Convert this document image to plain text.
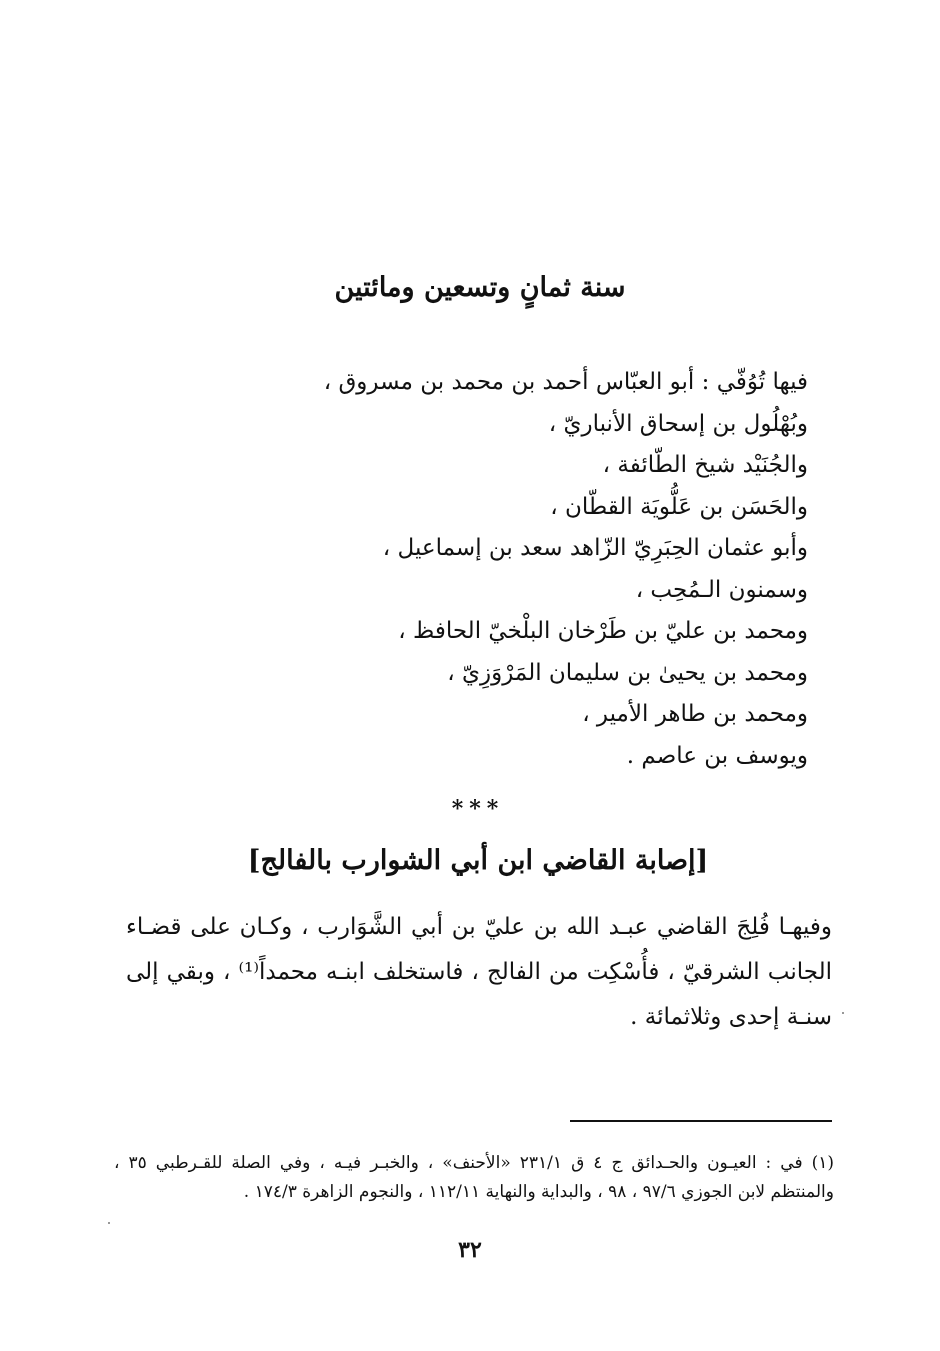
سنة ثمانٍ وتسعين ومائتين
فيها تُوُفّي : أبو العبّاس أحمد بن محمد بن مسروق ،
وبُهْلُول بن إسحاق الأنباريّ ،
والجُنَيْد شيخ الطّائفة ،
والحَسَن بن عَلُّويَة القطّان ،
وأبو عثمان الحِبَرِيّ الزّاهد سعد بن إسماعيل ،
وسمنون الـمُحِب ،
ومحمد بن عليّ بن طَرْخان البلْخيّ الحافظ ،
ومحمد بن يحيىٰ بن سليمان المَرْوَزِيّ ،
ومحمد بن طاهر الأمير ،
ويوسف بن عاصم .
***
[إصابة القاضي ابن أبي الشوارب بالفالج]

وفيهـا فُلِجَ القاضي عبـد الله بن عليّ بن أبي الشَّوَارب ، وكـان على قضـاء الجانب الشرقيّ ، فأُسْكِت من الفالج ، فاستخلف ابنـه محمداً⁽¹⁾ ، وبقي إلى سنـة إحدى وثلاثمائة .

(١) في : العيـون والحـدائق ج ٤ ق ٢٣١/١ «الأحنف» ، والخبـر فيـه ، وفي الصلة للقـرطبي ٣٥ ، والمنتظم لابن الجوزي ٩٧/٦ ، ٩٨ ، والبداية والنهاية ١١٢/١١ ، والنجوم الزاهرة ١٧٤/٣ .

٣٢
